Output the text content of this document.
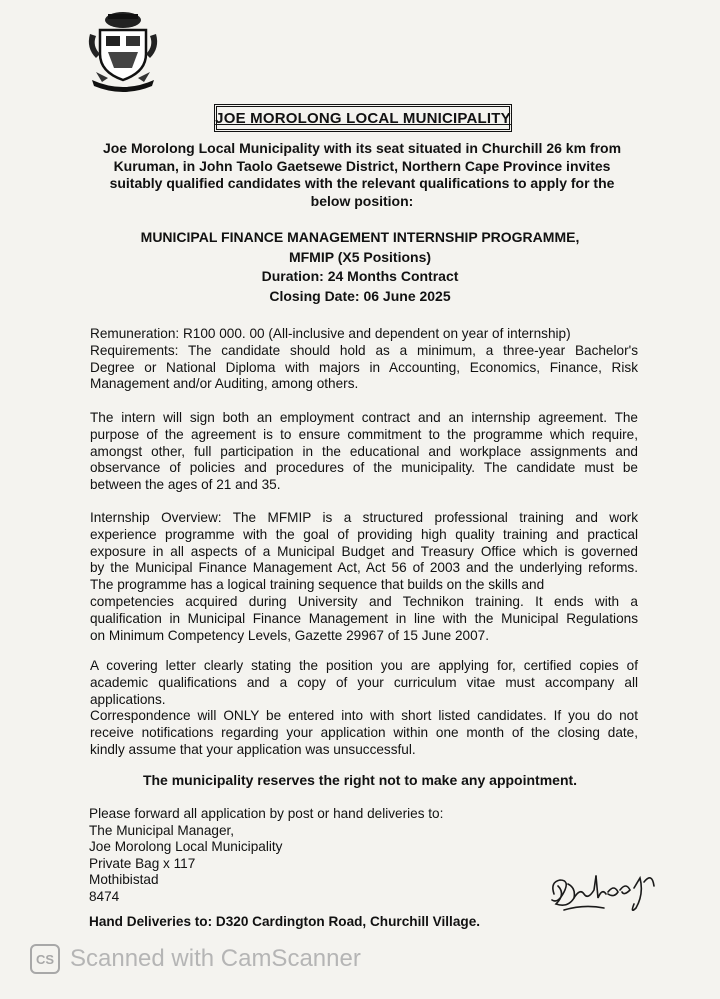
JOE MOROLONG LOCAL MUNICIPALITY

Joe Morolong Local Municipality with its seat situated in Churchill 26 km from
Kuruman, in John Taolo Gaetsewe District, Northern Cape Province invites
suitably qualified candidates with the relevant qualifications to apply for the
below position:

MUNICIPAL FINANCE MANAGEMENT INTERNSHIP PROGRAMME,
MFMIP (X5 Positions)
Duration: 24 Months Contract
Closing Date: 06 June 2025

Remuneration: R100 000. 00 (All-inclusive and dependent on year of internship)
Requirements: The candidate should hold as a minimum, a three-year Bachelor's
Degree or National Diploma with majors in Accounting, Economics, Finance, Risk
Management and/or Auditing, among others.

The intern will sign both an employment contract and an internship agreement. The
purpose of the agreement is to ensure commitment to the programme which require,
amongst other, full participation in the educational and workplace assignments and
observance of policies and procedures of the municipality. The candidate must be
between the ages of 21 and 35.

Internship Overview: The MFMIP is a structured professional training and work
experience programme with the goal of providing high quality training and practical
exposure in all aspects of a Municipal Budget and Treasury Office which is governed
by the Municipal Finance Management Act, Act 56 of 2003 and the underlying reforms.
The programme has a logical training sequence that builds on the skills and
competencies acquired during University and Technikon training. It ends with a
qualification in Municipal Finance Management in line with the Municipal Regulations
on Minimum Competency Levels, Gazette 29967 of 15 June 2007.

A covering letter clearly stating the position you are applying for, certified copies of
academic qualifications and a copy of your curriculum vitae must accompany all
applications.
Correspondence will ONLY be entered into with short listed candidates. If you do not
receive notifications regarding your application within one month of the closing date,
kindly assume that your application was unsuccessful.

The municipality reserves the right not to make any appointment.
Please forward all application by post or hand deliveries to:
The Municipal Manager,
Joe Morolong Local Municipality
Private Bag x 117
Mothibistad
8474
Hand Deliveries to: D320 Cardington Road, Churchill Village.
CS Scanned with CamScanner
